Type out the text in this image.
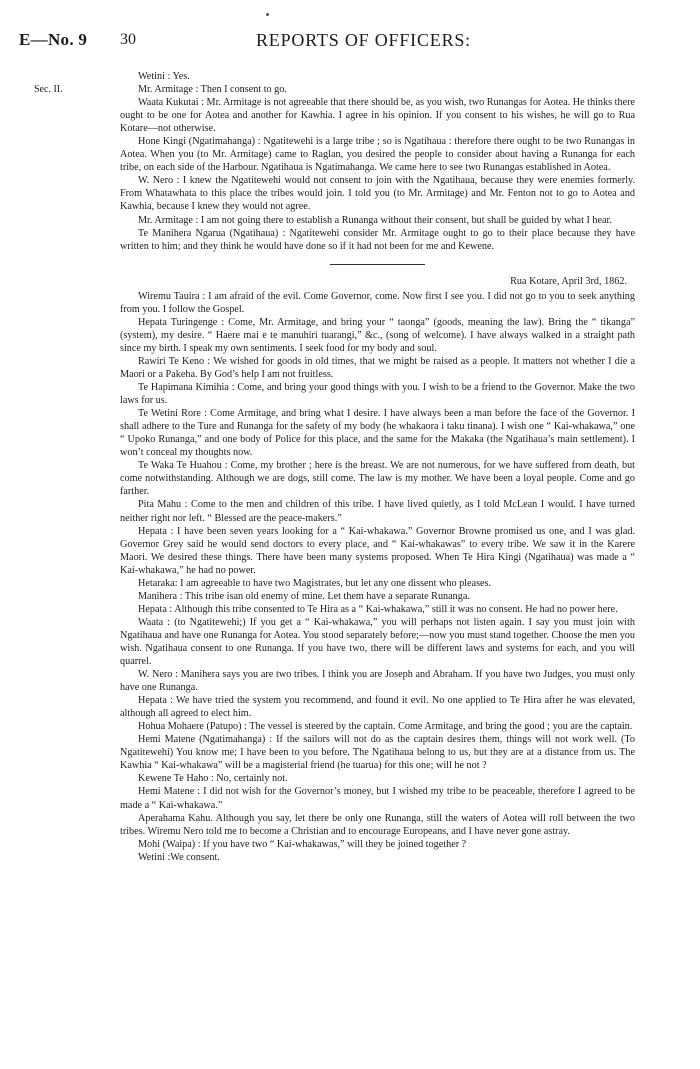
E—No. 9 30	REPORTS OF OFFICERS:
Sec. II.

Wetini : Yes.

Mr. Armitage : Then I consent to go.

Waata Kukutai : Mr. Armitage is not agreeable that there should be, as you wish, two Runangas for Aotea. He thinks there ought to be one for Aotea and another for Kawhia. I agree in his opinion. If you consent to his wishes, he will go to Rua Kotare—not otherwise.

Hone Kingi (Ngatimahanga) : Ngatitewehi is a large tribe ; so is Ngatihaua : therefore there ought to be two Runangas in Aotea. When you (to Mr. Armitage) came to Raglan, you desired the people to consider about having a Runanga for each tribe, on each side of the Harbour. Ngatihaua is Ngatimahanga. We came here to see two Runangas established in Aotea.

W. Nero : I knew the Ngatitewehi would not consent to join with the Ngatihaua, because they were enemies formerly. From Whatawhata to this place the tribes would join. I told you (to Mr. Armitage) and Mr. Fenton not to go to Aotea and Kawhia, because I knew they would not agree.

Mr. Armitage : I am not going there to establish a Runanga without their consent, but shall be guided by what I hear.

Te Manihera Ngarua (Ngatihaua) : Ngatitewehi consider Mr. Armitage ought to go to their place because they have written to him; and they think he would have done so if it had not been for me and Kewene.

Rua Kotare, April 3rd, 1862.

Wiremu Tauira : I am afraid of the evil. Come Governor, come. Now first I see you. I did not go to you to seek anything from you. I follow the Gospel.

Hepata Turingenge : Come, Mr. Armitage, and bring your “ taonga” (goods, meaning the law). Bring the “ tikanga” (system), my desire. “ Haere mai e te manuhiri tuarangi,” &c., (song of welcome). I have always walked in a straight path since my birth. I speak my own sentiments. I seek food for my body and soul.

Rawiri Te Keno : We wished for goods in old times, that we might be raised as a people. It matters not whether I die a Maori or a Pakeha. By God’s help I am not fruitless.

Te Hapimana Kimihia : Come, and bring your good things with you. I wish to be a friend to the Governor. Make the two laws for us.

Te Wetini Rore : Come Armitage, and bring what I desire. I have always been a man before the face of the Governor. I shall adhere to the Ture and Runanga for the safety of my body (he whakaora i taku tinana). I wish one “ Kai-whakawa,” one “ Upoko Runanga,” and one body of Police for this place, and the same for the Makaka (the Ngatihaua’s main settlement). I won’t conceal my thoughts now.

Te Waka Te Huahou : Come, my brother ; here is the breast. We are not numerous, for we have suffered from death, but come notwithstanding. Although we are dogs, still come. The law is my mother. We have been a loyal people. Come and go farther.

Pita Mahu : Come to the men and children of this tribe. I have lived quietly, as I told McLean I would. I have turned neither right nor left. “ Blessed are the peace-makers.”

Hepata : I have been seven years looking for a “ Kai-whakawa.” Governor Browne promised us one, and I was glad. Governor Grey said he would send doctors to every place, and “ Kai-whakawas” to every tribe. We saw it in the Karere Maori. We desired these things. There have been many systems proposed. When Te Hira Kingi (Ngatihaua) was made a “ Kai-whakawa,” he had no power.

Hetaraka: I am agreeable to have two Magistrates, but let any one dissent who pleases.

Manihera : This tribe isan old enemy of mine. Let them have a separate Runanga.

Hepata : Although this tribe consented to Te Hira as a “ Kai-whakawa,” still it was no consent. He had no power here.

Waata : (to Ngatitewehi;) If you get a “ Kai-whakawa,” you will perhaps not listen again. I say you must join with Ngatihaua and have one Runanga for Aotea. You stood separately before;—now you must stand together. Choose the men you wish. Ngatihaua consent to one Runanga. If you have two, there will be different laws and systems for each, and you will quarrel.

W. Nero : Manihera says you are two tribes. I think you are Joseph and Abraham. If you have two Judges, you must only have one Runanga.

Hepata : We have tried the system you recommend, and found it evil. No one applied to Te Hira after he was elevated, although all agreed to elect him.

Hohua Mohaere (Patupo) : The vessel is steered by the captain. Come Armitage, and bring the good ; you are the captain.

Hemi Matene (Ngatimahanga) : If the sailors will not do as the captain desires them, things will not work well. (To Ngatitewehi) You know me; I have been to you before. The Ngatihaua belong to us, but they are at a distance from us. The Kawhia “ Kai-whakawa” will be a magisterial friend (he tuarua) for this one; will he not ?

Kewene Te Haho : No, certainly not.

Hemi Matene : I did not wish for the Governor’s money, but I wished my tribe to be peaceable, therefore I agreed to be made a “ Kai-whakawa.”

Aperahama Kahu. Although you say, let there be only one Runanga, still the waters of Aotea will roll between the two tribes. Wiremu Nero told me to become a Christian and to encourage Europeans, and I have never gone astray.

Mohi (Waipa) : If you have two “ Kai-whakawas,” will they be joined together ?

Wetini :We consent.
